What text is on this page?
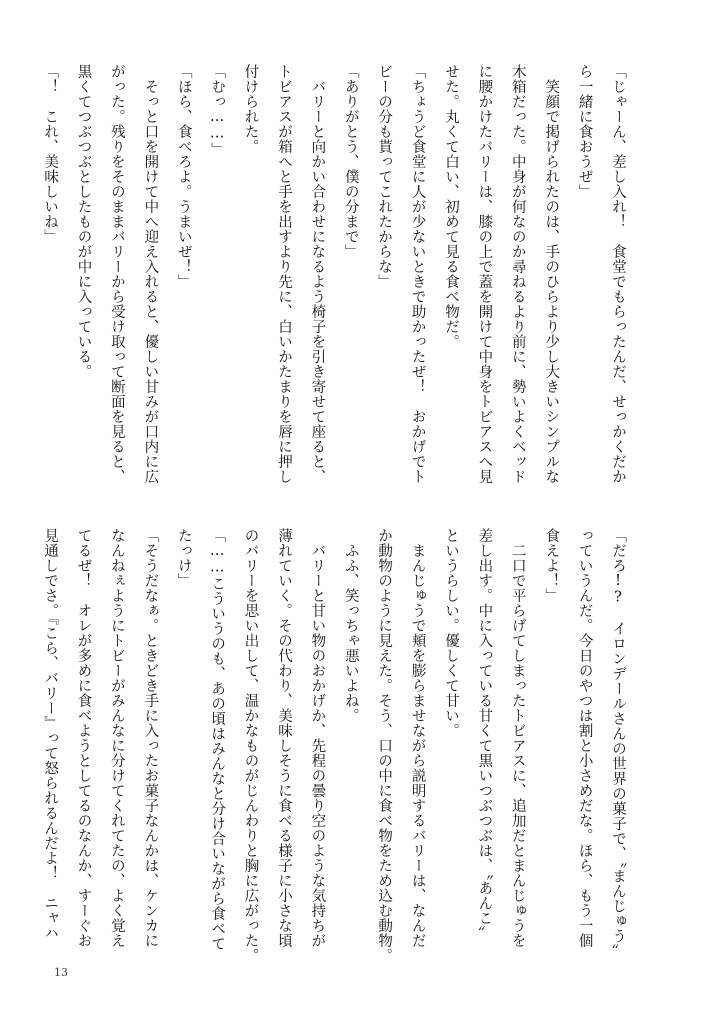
「じゃーん、差し入れ！　食堂でもらったんだ、せっかくだか

ら一緒に食おうぜ」

　笑顔で掲げられたのは、手のひらより少し大きいシンプルな

木箱だった。中身が何なのか尋ねるより前に、勢いよくベッド

に腰かけたバリーは、膝の上で蓋を開けて中身をトビアスへ見

せた。丸くて白い、初めて見る食べ物だ。

「ちょうど食堂に人が少ないときで助かったぜ！　おかげでト

ビーの分も貰ってこれたからな」

「ありがとう、僕の分まで」

　バリーと向かい合わせになるよう椅子を引き寄せて座ると、

トビアスが箱へと手を出すより先に、白いかたまりを唇に押し

付けられた。

「むっ……」

「ほら、食べろよ。うまいぜ！」

　そっと口を開けて中へ迎え入れると、優しい甘みが口内に広

がった。残りをそのままバリーから受け取って断面を見ると、

黒くてつぶつぶとしたものが中に入っている。

「！　これ、美味しいね」

「だろ!?　イロンデールさんの世界の菓子で、〝まんじゅう〟

っていうんだ。今日のやつは割と小さめだな。ほら、もう一個

食えよ！」

　二口で平らげてしまったトビアスに、追加だとまんじゅうを

差し出す。中に入っている甘くて黒いつぶつぶは、〝あんこ〟

というらしい。優しくて甘い。

　まんじゅうで頬を膨らませながら説明するバリーは、なんだ

か動物のように見えた。そう、口の中に食べ物をため込む動物。

　ふふ、笑っちゃ悪いよね。

　バリーと甘い物のおかげか、先程の曇り空のような気持ちが

薄れていく。その代わり、美味しそうに食べる様子に小さな頃

のバリーを思い出して、温かなものがじんわりと胸に広がった。

「……こういうのも、あの頃はみんなと分け合いながら食べて

たっけ」

「そうだなぁ。ときどき手に入ったお菓子なんかは、ケンカに

なんねぇようにトビーがみんなに分けてくれてたの、よく覚え

てるぜ！　オレが多めに食べようとしてるのなんか、すーぐお

見通しでさ。『こら、バリー』って怒られるんだよ！　ニャハ

13
